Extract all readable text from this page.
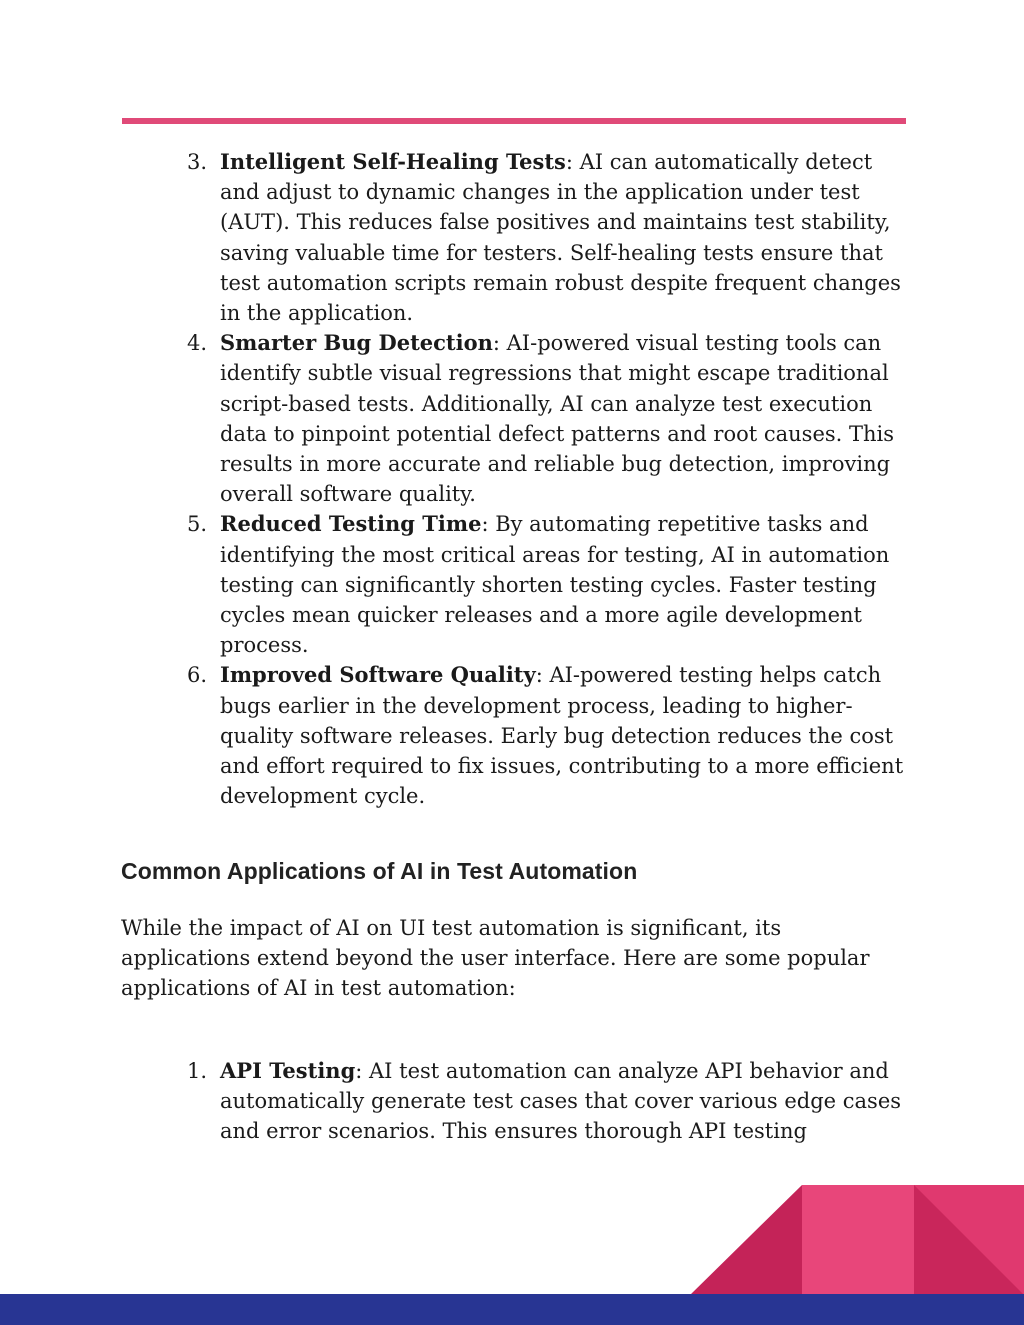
3. Intelligent Self-Healing Tests: AI can automatically detect and adjust to dynamic changes in the application under test (AUT). This reduces false positives and maintains test stability, saving valuable time for testers. Self-healing tests ensure that test automation scripts remain robust despite frequent changes in the application.
4. Smarter Bug Detection: AI-powered visual testing tools can identify subtle visual regressions that might escape traditional script-based tests. Additionally, AI can analyze test execution data to pinpoint potential defect patterns and root causes. This results in more accurate and reliable bug detection, improving overall software quality.
5. Reduced Testing Time: By automating repetitive tasks and identifying the most critical areas for testing, AI in automation testing can significantly shorten testing cycles. Faster testing cycles mean quicker releases and a more agile development process.
6. Improved Software Quality: AI-powered testing helps catch bugs earlier in the development process, leading to higher-quality software releases. Early bug detection reduces the cost and effort required to fix issues, contributing to a more efficient development cycle.
Common Applications of AI in Test Automation

While the impact of AI on UI test automation is significant, its applications extend beyond the user interface. Here are some popular applications of AI in test automation:

1. API Testing: AI test automation can analyze API behavior and automatically generate test cases that cover various edge cases and error scenarios. This ensures thorough API testing
